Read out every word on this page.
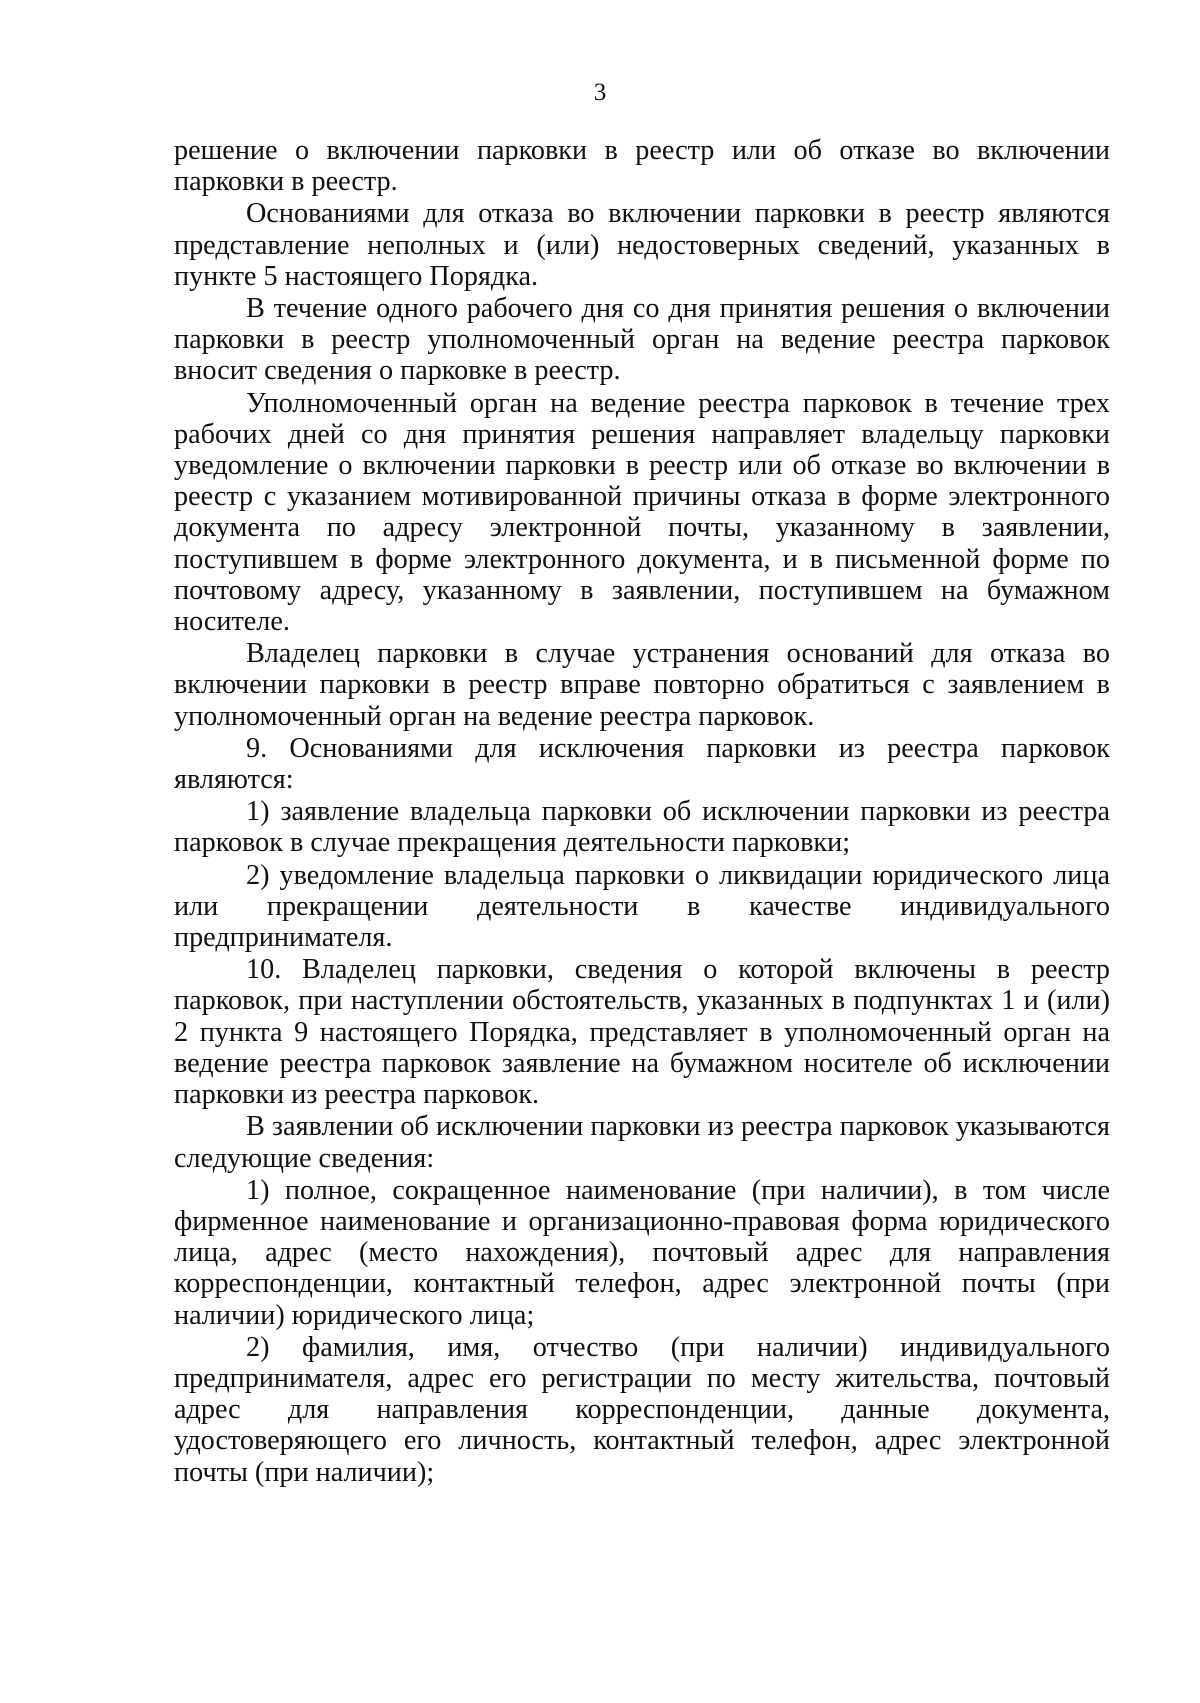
3

решение о включении парковки в реестр или об отказе во включении парковки в реестр.

Основаниями для отказа во включении парковки в реестр являются представление неполных и (или) недостоверных сведений, указанных в пункте 5 настоящего Порядка.

В течение одного рабочего дня со дня принятия решения о включении парковки в реестр уполномоченный орган на ведение реестра парковок вносит сведения о парковке в реестр.

Уполномоченный орган на ведение реестра парковок в течение трех рабочих дней со дня принятия решения направляет владельцу парковки уведомление о включении парковки в реестр или об отказе во включении в реестр с указанием мотивированной причины отказа в форме электронного документа по адресу электронной почты, указанному в заявлении, поступившем в форме электронного документа, и в письменной форме по почтовому адресу, указанному в заявлении, поступившем на бумажном носителе.

Владелец парковки в случае устранения оснований для отказа во включении парковки в реестр вправе повторно обратиться с заявлением в уполномоченный орган на ведение реестра парковок.

9. Основаниями для исключения парковки из реестра парковок являются:

1) заявление владельца парковки об исключении парковки из реестра парковок в случае прекращения деятельности парковки;

2) уведомление владельца парковки о ликвидации юридического лица или прекращении деятельности в качестве индивидуального предпринимателя.

10. Владелец парковки, сведения о которой включены в реестр парковок, при наступлении обстоятельств, указанных в подпунктах 1 и (или) 2 пункта 9 настоящего Порядка, представляет в уполномоченный орган на ведение реестра парковок заявление на бумажном носителе об исключении парковки из реестра парковок.

В заявлении об исключении парковки из реестра парковок указываются следующие сведения:

1) полное, сокращенное наименование (при наличии), в том числе фирменное наименование и организационно-правовая форма юридического лица, адрес (место нахождения), почтовый адрес для направления корреспонденции, контактный телефон, адрес электронной почты (при наличии) юридического лица;

2) фамилия, имя, отчество (при наличии) индивидуального предпринимателя, адрес его регистрации по месту жительства, почтовый адрес для направления корреспонденции, данные документа, удостоверяющего его личность, контактный телефон, адрес электронной почты (при наличии);
